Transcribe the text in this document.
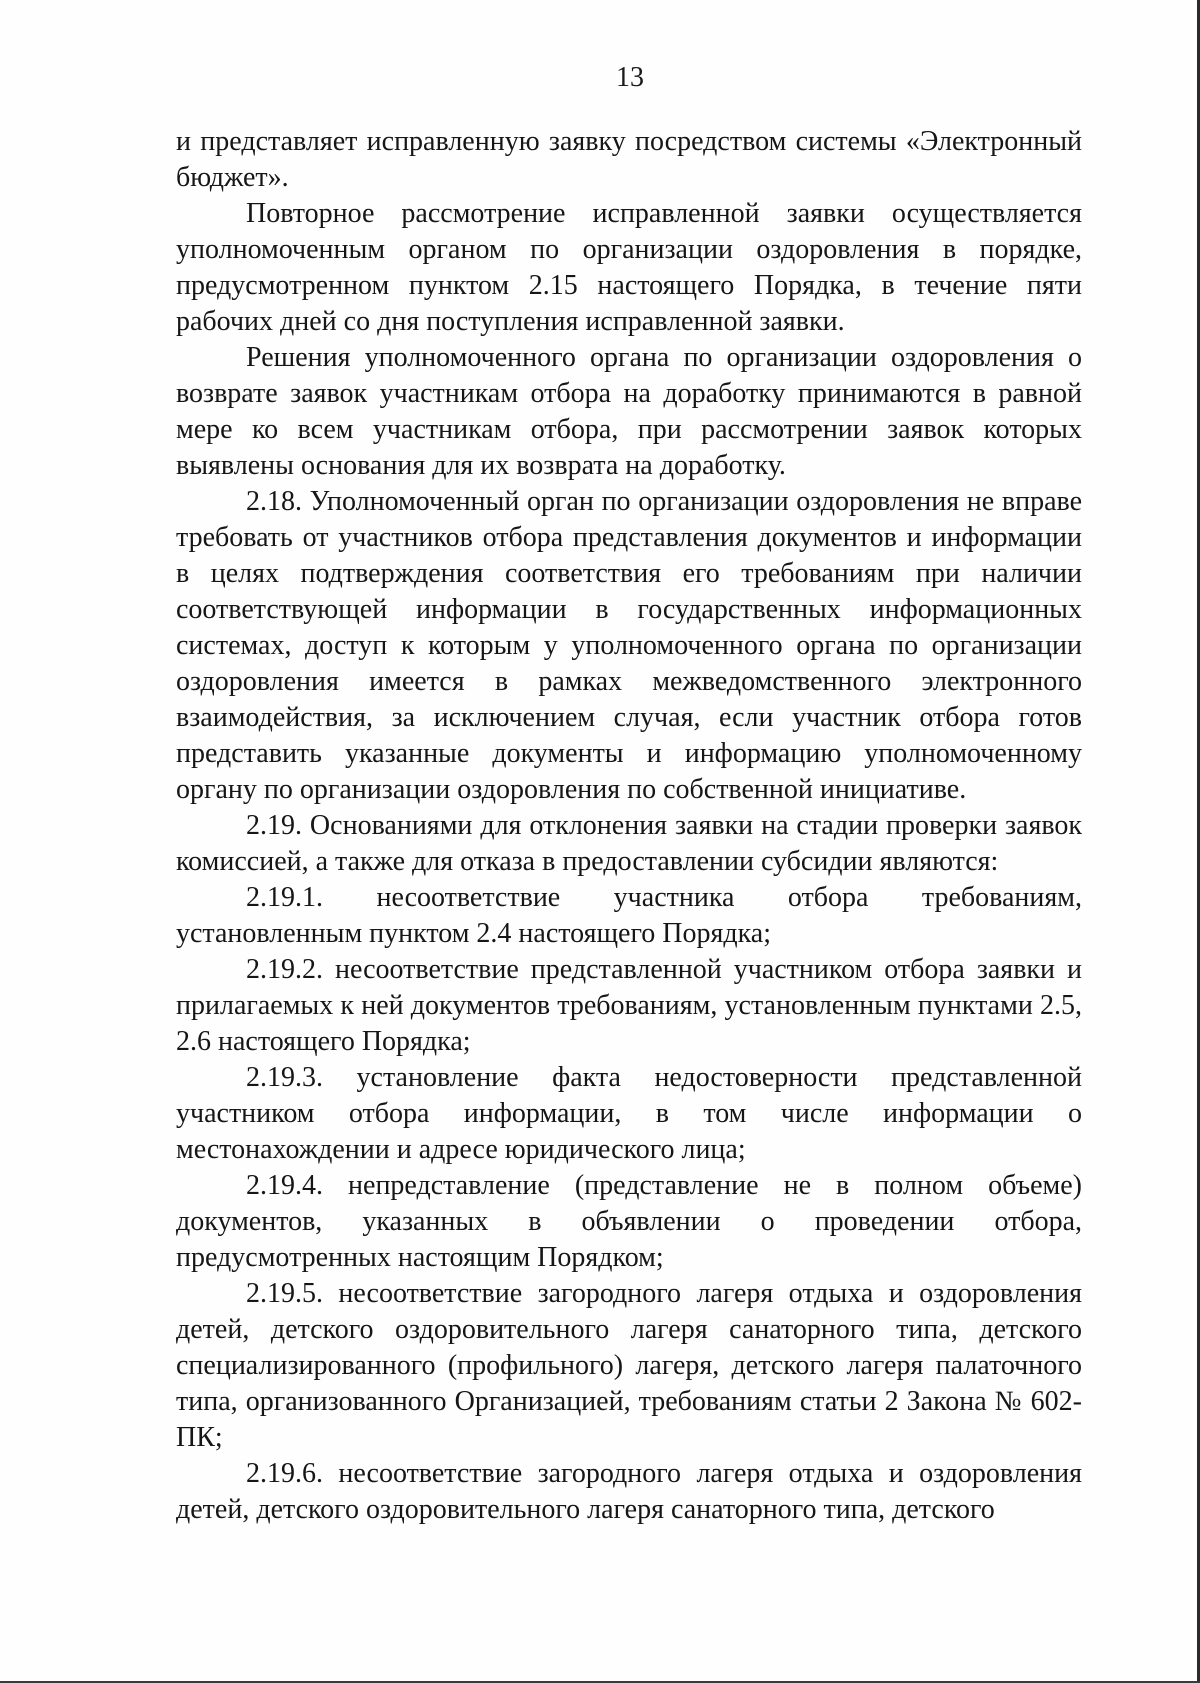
13

и представляет исправленную заявку посредством системы «Электронный бюджет».

Повторное рассмотрение исправленной заявки осуществляется уполномоченным органом по организации оздоровления в порядке, предусмотренном пунктом 2.15 настоящего Порядка, в течение пяти рабочих дней со дня поступления исправленной заявки.

Решения уполномоченного органа по организации оздоровления о возврате заявок участникам отбора на доработку принимаются в равной мере ко всем участникам отбора, при рассмотрении заявок которых выявлены основания для их возврата на доработку.

2.18. Уполномоченный орган по организации оздоровления не вправе требовать от участников отбора представления документов и информации в целях подтверждения соответствия его требованиям при наличии соответствующей информации в государственных информационных системах, доступ к которым у уполномоченного органа по организации оздоровления имеется в рамках межведомственного электронного взаимодействия, за исключением случая, если участник отбора готов представить указанные документы и информацию уполномоченному органу по организации оздоровления по собственной инициативе.

2.19. Основаниями для отклонения заявки на стадии проверки заявок комиссией, а также для отказа в предоставлении субсидии являются:

2.19.1. несоответствие участника отбора требованиям, установленным пунктом 2.4 настоящего Порядка;

2.19.2. несоответствие представленной участником отбора заявки и прилагаемых к ней документов требованиям, установленным пунктами 2.5, 2.6 настоящего Порядка;

2.19.3. установление факта недостоверности представленной участником отбора информации, в том числе информации о местонахождении и адресе юридического лица;

2.19.4. непредставление (представление не в полном объеме) документов, указанных в объявлении о проведении отбора, предусмотренных настоящим Порядком;

2.19.5. несоответствие загородного лагеря отдыха и оздоровления детей, детского оздоровительного лагеря санаторного типа, детского специализированного (профильного) лагеря, детского лагеря палаточного типа, организованного Организацией, требованиям статьи 2 Закона № 602-ПК;

2.19.6. несоответствие загородного лагеря отдыха и оздоровления детей, детского оздоровительного лагеря санаторного типа, детского
